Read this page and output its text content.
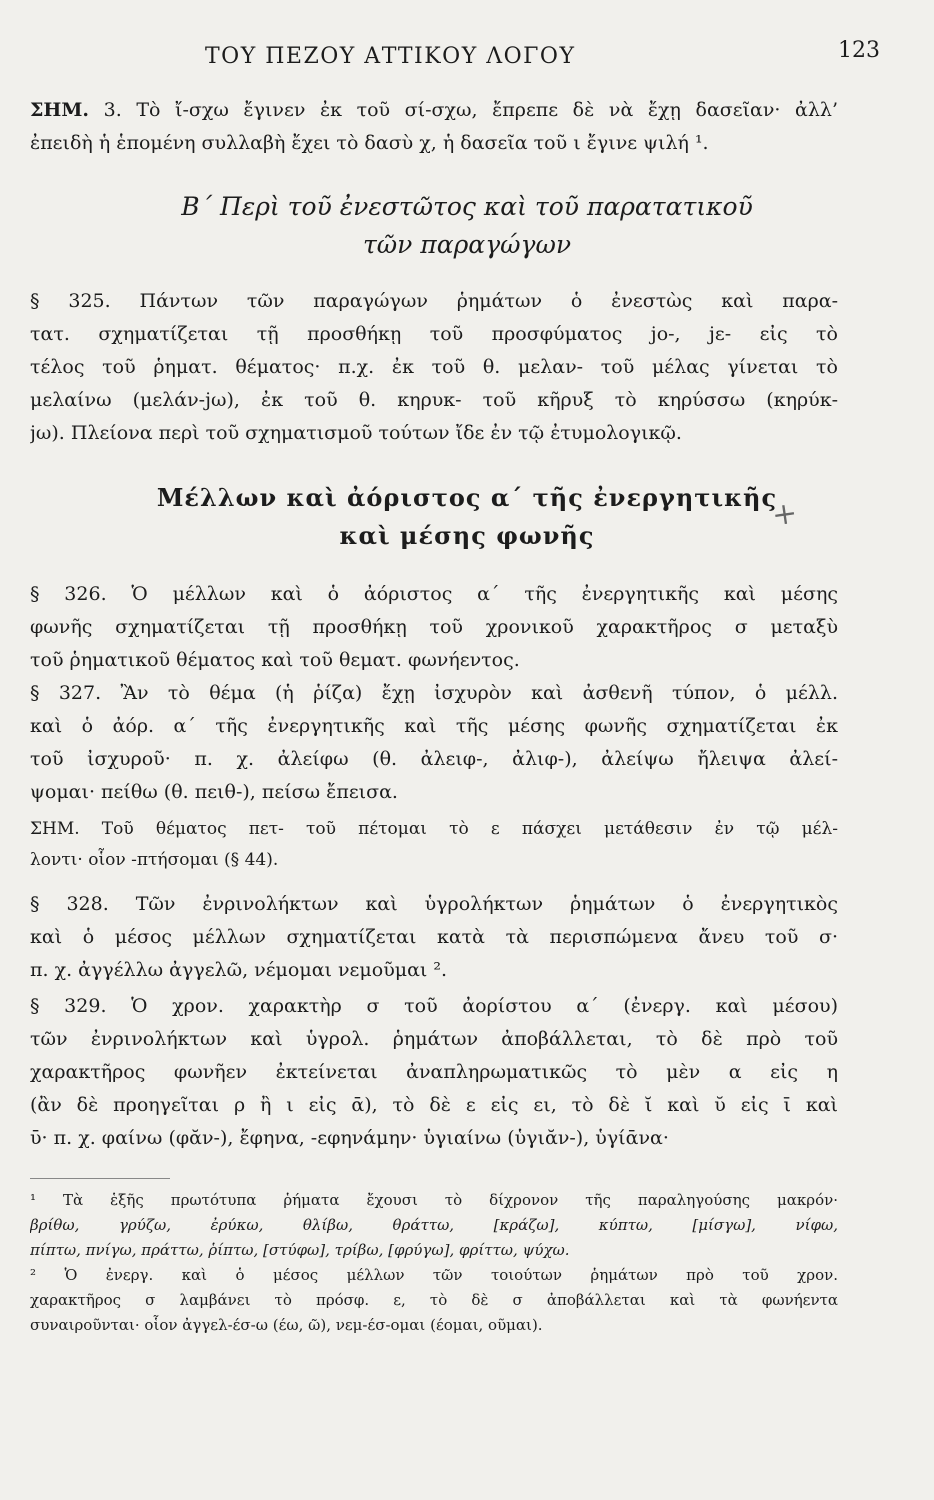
ΤΟΥ ΠΕΖΟΥ ΑΤΤΙΚΟΥ ΛΟΓΟΥ	123
ΣΗΜ. 3. Τὸ ἴ-σχω ἔγινεν ἐκ τοῦ σί-σχω, ἔπρεπε δὲ νὰ ἔχῃ δασεῖαν· ἀλλ’
ἐπειδὴ ἡ ἑπομένη συλλαβὴ ἔχει τὸ δασὺ χ, ἡ δασεῖα τοῦ ι ἔγινε ψιλή ¹.
Β΄ Περὶ τοῦ ἐνεστῶτος καὶ τοῦ παρατατικοῦ
τῶν παραγώγων
§ 325. Πάντων τῶν παραγώγων ῥημάτων ὁ ἐνεστὼς καὶ παρα-
τατ. σχηματίζεται τῇ προσθήκῃ τοῦ προσφύματος jο-, jε- εἰς τὸ
τέλος τοῦ ῥηματ. θέματος· π.χ. ἐκ τοῦ θ. μελαν- τοῦ μέλας γίνεται τὸ
μελαίνω (μελάν-jω), ἐκ τοῦ θ. κηρυκ- τοῦ κῆρυξ τὸ κηρύσσω (κηρύκ-
jω). Πλείονα περὶ τοῦ σχηματισμοῦ τούτων ἴδε ἐν τῷ ἐτυμολογικῷ.
Μέλλων καὶ ἀόριστος α΄ τῆς ἐνεργητικῆς
καὶ μέσης φωνῆς
+
§ 326. Ὁ μέλλων καὶ ὁ ἀόριστος α΄ τῆς ἐνεργητικῆς καὶ μέσης
φωνῆς σχηματίζεται τῇ προσθήκῃ τοῦ χρονικοῦ χαρακτῆρος σ μεταξὺ
τοῦ ῥηματικοῦ θέματος καὶ τοῦ θεματ. φωνήεντος.
§ 327. Ἂν τὸ θέμα (ἡ ῥίζα) ἔχῃ ἰσχυρὸν καὶ ἀσθενῆ τύπον, ὁ μέλλ.
καὶ ὁ ἀόρ. α΄ τῆς ἐνεργητικῆς καὶ τῆς μέσης φωνῆς σχηματίζεται ἐκ
τοῦ ἰσχυροῦ· π. χ. ἀλείφω (θ. ἀλειφ-, ἀλιφ-), ἀλείψω ἤλειψα ἀλεί-
ψομαι· πείθω (θ. πειθ-), πείσω ἔπεισα.
ΣΗΜ. Τοῦ θέματος πετ- τοῦ πέτομαι τὸ ε πάσχει μετάθεσιν ἐν τῷ μέλ-
λοντι· οἷον -πτήσομαι (§ 44).
§ 328. Τῶν ἐνρινολήκτων καὶ ὑγρολήκτων ῥημάτων ὁ ἐνεργητικὸς
καὶ ὁ μέσος μέλλων σχηματίζεται κατὰ τὰ περισπώμενα ἄνευ τοῦ σ·
π. χ. ἀγγέλλω ἀγγελῶ, νέμομαι νεμοῦμαι ².
§ 329. Ὁ χρον. χαρακτὴρ σ τοῦ ἀορίστου α΄ (ἐνεργ. καὶ μέσου)
τῶν ἐνρινολήκτων καὶ ὑγρολ. ῥημάτων ἀποβάλλεται, τὸ δὲ πρὸ τοῦ
χαρακτῆρος φωνῆεν ἐκτείνεται ἀναπληρωματικῶς τὸ μὲν α εἰς η
(ἂν δὲ προηγεῖται ρ ἢ ι εἰς ᾱ), τὸ δὲ ε εἰς ει, τὸ δὲ ῐ καὶ ῠ εἰς ῑ καὶ
ῡ· π. χ. φαίνω (φᾰν-), ἔφηνα, -εφηνάμην· ὑγιαίνω (ὑγιᾰν-), ὑγίᾱνα·
¹ Τὰ ἑξῆς πρωτότυπα ῥήματα ἔχουσι τὸ δίχρονον τῆς παραληγούσης μακρόν·
βρίθω, γρύζω, ἐρύκω, θλίβω, θράττω, [κράζω], κύπτω, [μίσγω], νίφω,
πίπτω, πνίγω, πράττω, ῥίπτω, [στύφω], τρίβω, [φρύγω], φρίττω, ψύχω.
² Ὁ ἐνεργ. καὶ ὁ μέσος μέλλων τῶν τοιούτων ῥημάτων πρὸ τοῦ χρον.
χαρακτῆρος σ λαμβάνει τὸ πρόσφ. ε, τὸ δὲ σ ἀποβάλλεται καὶ τὰ φωνήεντα
συναιροῦνται· οἷον ἀγγελ-έσ-ω (έω, ῶ), νεμ-έσ-ομαι (έομαι, οῦμαι).
